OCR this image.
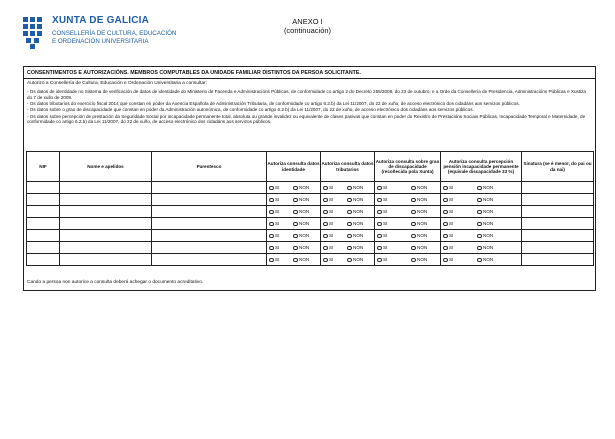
XUNTA DE GALICIA
CONSELLERÍA DE CULTURA, EDUCACIÓN
E ORDENACIÓN UNIVERSITARIA
ANEXO I
(continuación)
CONSENTIMENTOS E AUTORIZACIÓNS. MEMBROS COMPUTABLES DA UNIDADE FAMILIAR DISTINTOS DA PERSOA SOLICITANTE.
Autorizo a Consellería de Cultura, Educación e Ordenación Universitaria a consultar:

- Os datos de identidade no Sistema de verificación de datos de identidade do Ministerio de Facenda e Administracións Públicas, de conformidade co artigo 2 do Decreto 255/2008, do 23 de outubro, e a Orde da Consellería de Presidencia, Administracións Públicas e Xustiza do 7 de xullo de 2009.

- Os datos tributarios do exercicio fiscal 2014 que constan en poder da Axencia Española de Administración Tributaria, de conformidade co artigo 6.2.b) da Lei 11/2007, do 22 de xuño, de acceso electrónico dos cidadáns aos servizos públicos.

- Os datos sobre o grao de discapacidade que constan en poder da Administración autonómica, de conformidade co artigo 6.2.b) da Lei 11/2007, do 22 de xuño, de acceso electrónico dos cidadáns aos servizos públicos.

- Os datos sobre percepción de prestación da Seguridade Social por incapacidade permanente total, absoluta ou grande invalidez ou equivalente de clases pasivas que constan en poder do Rexistro de Prestacións Sociais Públicas, Incapacidade Temporal e Maternidade, de conformidade co artigo 6.2.b) da Lei 11/2007, do 22 de xuño, de acceso electrónico dos cidadáns aos servizos públicos.

NIF	Nome e apelidos	Parentesco	Autoriza consulta datos identidade	Autoriza consulta datos tributarios	Autoriza consulta sobre grao de discapacidade (recoñecida pola Xunta)	Autoriza consulta percepción pensión incapacidade permanente (equivale discapacidade 33 %)	Sinatura (se é menor, do pai ou da nai)
			SI NON	SI NON	SI NON	SI NON	
			SI NON	SI NON	SI NON	SI NON	
			SI NON	SI NON	SI NON	SI NON	
			SI NON	SI NON	SI NON	SI NON	
			SI NON	SI NON	SI NON	SI NON	
			SI NON	SI NON	SI NON	SI NON	
			SI NON	SI NON	SI NON	SI NON	
Cando a persoa non autorice a consulta deberá achegar o documento acreditativo.
